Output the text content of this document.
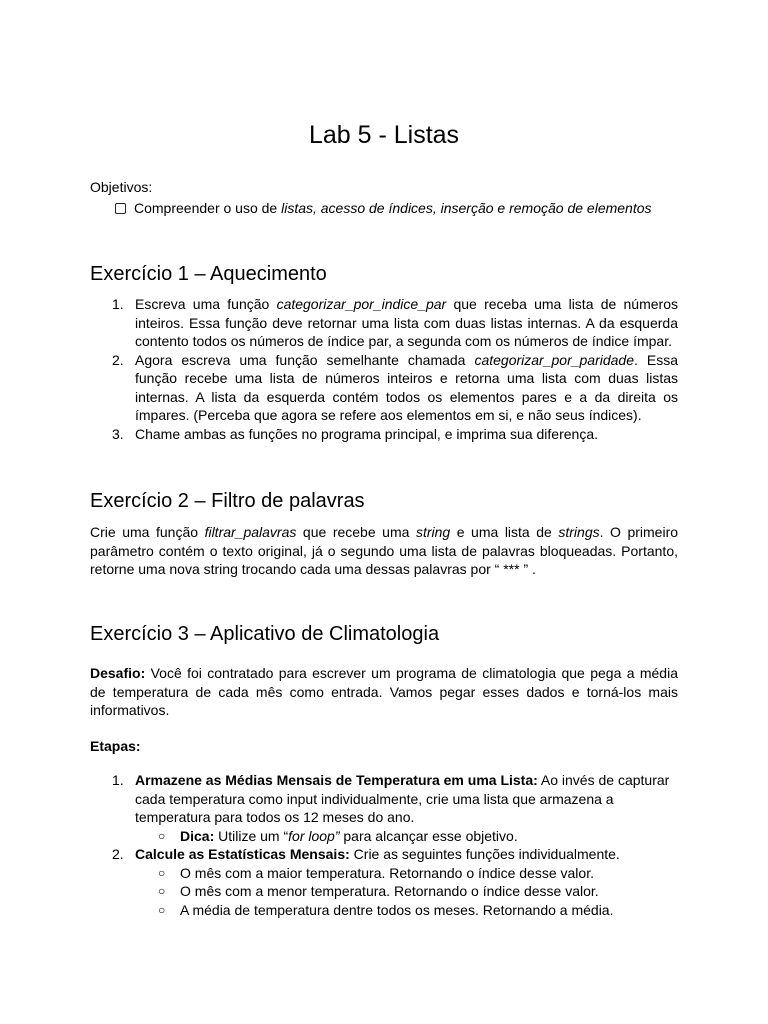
Lab 5 - Listas
Objetivos:
Compreender o uso de listas, acesso de índices, inserção e remoção de elementos
Exercício 1 – Aquecimento
1. Escreva uma função categorizar_por_indice_par que receba uma lista de números inteiros. Essa função deve retornar uma lista com duas listas internas. A da esquerda contento todos os números de índice par, a segunda com os números de índice ímpar.
2. Agora escreva uma função semelhante chamada categorizar_por_paridade. Essa função recebe uma lista de números inteiros e retorna uma lista com duas listas internas. A lista da esquerda contém todos os elementos pares e a da direita os ímpares. (Perceba que agora se refere aos elementos em si, e não seus índices).
3. Chame ambas as funções no programa principal, e imprima sua diferença.
Exercício 2 – Filtro de palavras
Crie uma função filtrar_palavras que recebe uma string e uma lista de strings. O primeiro parâmetro contém o texto original, já o segundo uma lista de palavras bloqueadas. Portanto, retorne uma nova string trocando cada uma dessas palavras por “ *** ” .
Exercício 3 – Aplicativo de Climatologia
Desafio: Você foi contratado para escrever um programa de climatologia que pega a média de temperatura de cada mês como entrada. Vamos pegar esses dados e torná-los mais informativos.
Etapas:
1. Armazene as Médias Mensais de Temperatura em uma Lista: Ao invés de capturar cada temperatura como input individualmente, crie uma lista que armazena a temperatura para todos os 12 meses do ano.
○ Dica: Utilize um “for loop” para alcançar esse objetivo.
2. Calcule as Estatísticas Mensais: Crie as seguintes funções individualmente.
○ O mês com a maior temperatura. Retornando o índice desse valor.
○ O mês com a menor temperatura. Retornando o índice desse valor.
○ A média de temperatura dentre todos os meses. Retornando a média.
